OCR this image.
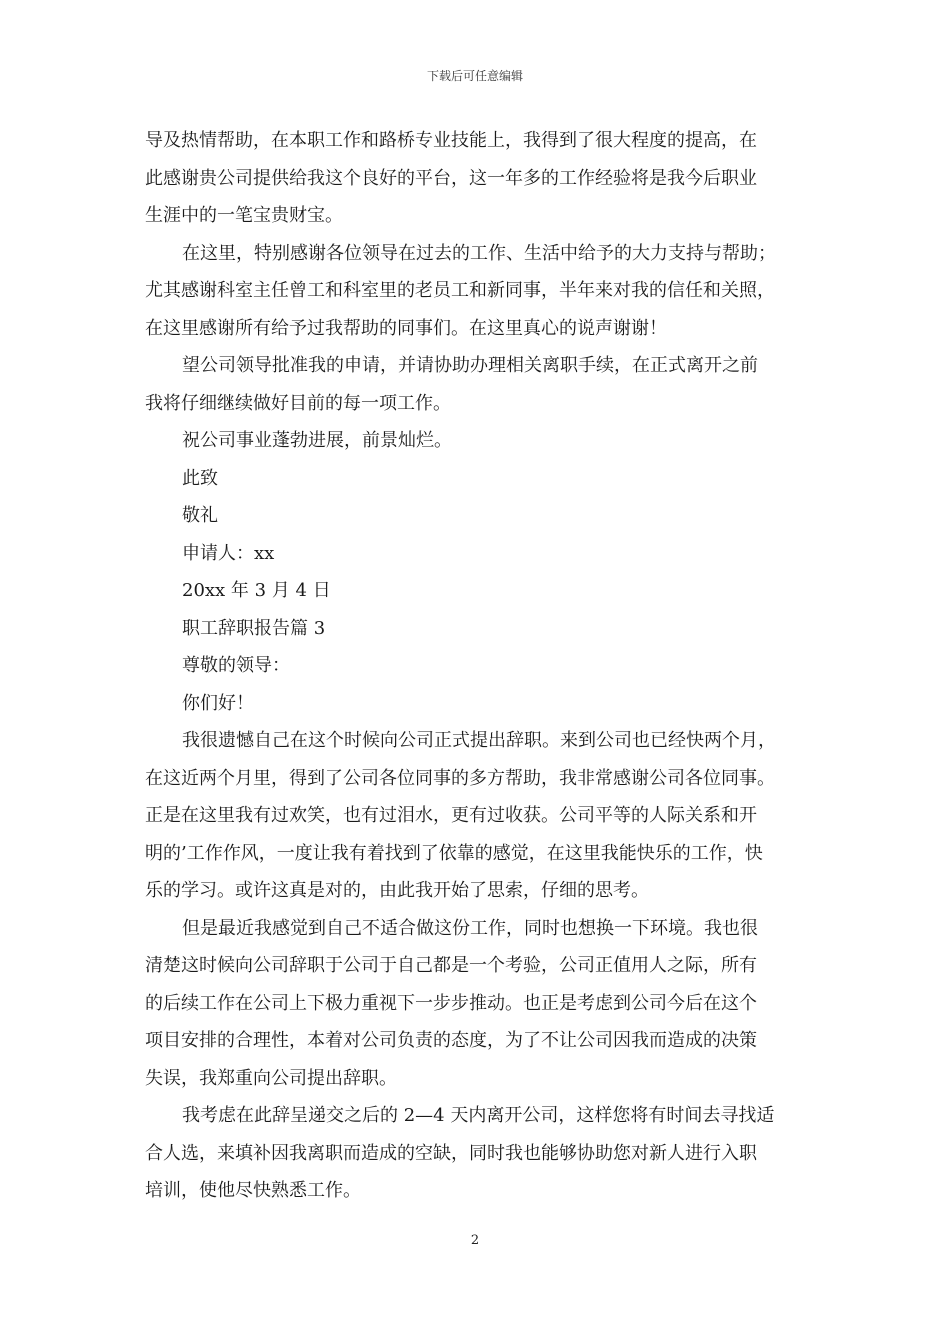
下载后可任意编辑
导及热情帮助，在本职工作和路桥专业技能上，我得到了很大程度的提高，在
此感谢贵公司提供给我这个良好的平台，这一年多的工作经验将是我今后职业
生涯中的一笔宝贵财宝。
在这里，特别感谢各位领导在过去的工作、生活中给予的大力支持与帮助；
尤其感谢科室主任曾工和科室里的老员工和新同事，半年来对我的信任和关照，
在这里感谢所有给予过我帮助的同事们。在这里真心的说声谢谢！
望公司领导批准我的申请，并请协助办理相关离职手续，在正式离开之前
我将仔细继续做好目前的每一项工作。
祝公司事业蓬勃进展，前景灿烂。
此致
敬礼
申请人：xx
20xx 年 3 月 4 日
职工辞职报告篇 3
尊敬的领导：
你们好！
我很遗憾自己在这个时候向公司正式提出辞职。来到公司也已经快两个月，
在这近两个月里，得到了公司各位同事的多方帮助，我非常感谢公司各位同事。
正是在这里我有过欢笑，也有过泪水，更有过收获。公司平等的人际关系和开
明的’工作作风，一度让我有着找到了依靠的感觉，在这里我能快乐的工作，快
乐的学习。或许这真是对的，由此我开始了思索，仔细的思考。
但是最近我感觉到自己不适合做这份工作，同时也想换一下环境。我也很
清楚这时候向公司辞职于公司于自己都是一个考验，公司正值用人之际，所有
的后续工作在公司上下极力重视下一步步推动。也正是考虑到公司今后在这个
项目安排的合理性，本着对公司负责的态度，为了不让公司因我而造成的决策
失误，我郑重向公司提出辞职。
我考虑在此辞呈递交之后的 2—4 天内离开公司，这样您将有时间去寻找适
合人选，来填补因我离职而造成的空缺，同时我也能够协助您对新人进行入职
培训，使他尽快熟悉工作。
2
